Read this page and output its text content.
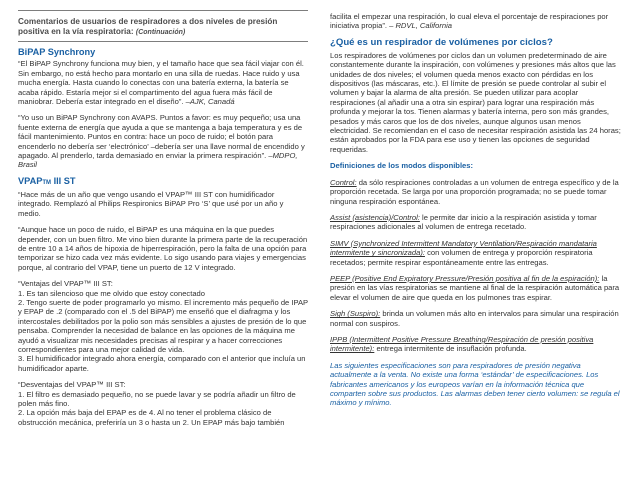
Comentarios de usuarios de respiradores a dos niveles de presión positiva en la vía respiratoria: (Continuación)
BiPAP Synchrony

“El BiPAP Synchrony funciona muy bien, y el tamaño hace que sea fácil viajar con él. Sin embargo, no está hecho para montarlo en una silla de ruedas. Hace ruido y usa mucha energía. Hasta cuando lo conectas con una batería externa, la batería se acaba rápido. Estaría mejor si el compartimento del agua fuera más fácil de maniobrar. Debería estar integrado en el diseño”. –AJK, Canadá

“Yo uso un BiPAP Synchrony con AVAPS. Puntos a favor: es muy pequeño; usa una fuente externa de energía que ayuda a que se mantenga a baja temperatura y es de fácil mantenimiento. Puntos en contra: hace un poco de ruido; el botón para encenderlo no debería ser ‘electrónico’ –debería ser una llave normal de encendido y apagado. Al prenderlo, tarda demasiado en enviar la primera respiración”. –MDPO, Brasil

VPAPTM III ST

“Hace más de un año que vengo usando el VPAP™ III ST con humidificador integrado. Remplazó al Philips Respironics BiPAP Pro ‘S’ que usé por un año y medio.

“Aunque hace un poco de ruido, el BiPAP es una máquina en la que puedes depender, con un buen filtro. Me vino bien durante la primera parte de la recuperación de entre 10 a 14 años de hipoxia de hiperrespiración, pero la falta de una opción para temporizar se hizo cada vez más evidente. Lo sigo usando para viajes y emergencias porque, al contrario del VPAP, tiene un puerto de 12 V integrado.

“Ventajas del VPAP™ III ST:

1. Es tan silencioso que me olvido que estoy conectado

2. Tengo suerte de poder programarlo yo mismo. El incremento más pequeño de IPAP y EPAP de .2 (comparado con el .5 del BiPAP) me enseñó que el diafragma y los intercostales debilitados por la polio son más sensibles a ajustes de presión de lo que pensaba. Comprender la necesidad de balance en las opciones de la máquina me ayudó a visualizar mis necesidades precisas al respirar y a hacer correcciones correspondientes para una mejor calidad de vida.

3. El humidificador integrado ahora energía, comparado con el anterior que incluía un humidificador aparte.

“Desventajas del VPAP™ III ST:

1. El filtro es demasiado pequeño, no se puede lavar y se podría añadir un filtro de polen más fino.

2. La opción más baja del EPAP es de 4. Al no tener el problema clásico de obstrucción mecánica, preferiría un 3 o hasta un 2. Un EPAP más bajo también

facilita el empezar una respiración, lo cual eleva el porcentaje de respiraciones por iniciativa propia”. – RDVL, California

¿Qué es un respirador de volúmenes por ciclos?

Los respiradores de volúmenes por ciclos dan un volumen predeterminado de aire constantemente durante la inspiración, con volúmenes y presiones más altos que las unidades de dos niveles; el volumen queda menos exacto con pérdidas en los dispositivos (las máscaras, etc.). El límite de presión se puede controlar al subir el volumen y bajar la alarma de alta presión. Se pueden utilizar para acoplar respiraciones (al añadir una a otra sin espirar) para lograr una respiración más profunda y mejorar la tos. Tienen alarmas y batería interna, pero son más grandes, pesados y más caros que los de dos niveles, aunque algunos usan menos electricidad. Se recomiendan en el caso de necesitar respiración asistida las 24 horas; están aprobados por la FDA para ese uso y tienen las opciones de seguridad requeridas.

Definiciones de los modos disponibles:

Control: da sólo respiraciones controladas a un volumen de entrega específico y de la proporción recetada. Se larga por una proporción programada; no se puede tomar ninguna respiración espontánea.

Assist (asistencia)/Control: le permite dar inicio a la respiración asistida y tomar respiraciones adicionales al volumen de entrega recetado.

SIMV (Synchronized Intermittent Mandatory Ventilation/Respiración mandataria intermitente y sincronizada): con volumen de entrega y proporción respiratoria recetados; permite respirar espontáneamente entre las entregas.

PEEP (Positive End Expiratory Pressure/Presión positiva al fin de la espiración): la presión en las vías respiratorias se mantiene al final de la respiración automática para elevar el volumen de aire que queda en los pulmones tras espirar.

Sigh (Suspiro): brinda un volumen más alto en intervalos para simular una respiración normal con suspiros.

IPPB (Intermittent Positive Pressure Breathing/Respiración de presión positiva intermitente): entrega intermitente de insuflación profunda.

Las siguientes especificaciones son para respiradores de presión negativa actualmente a la venta. No existe una forma ‘estándar’ de especificaciones. Los fabricantes americanos y los europeos varían en la información técnica que comparten sobre sus productos. Las alarmas deben tener cierto volumen: se regula el máximo y mínimo.
